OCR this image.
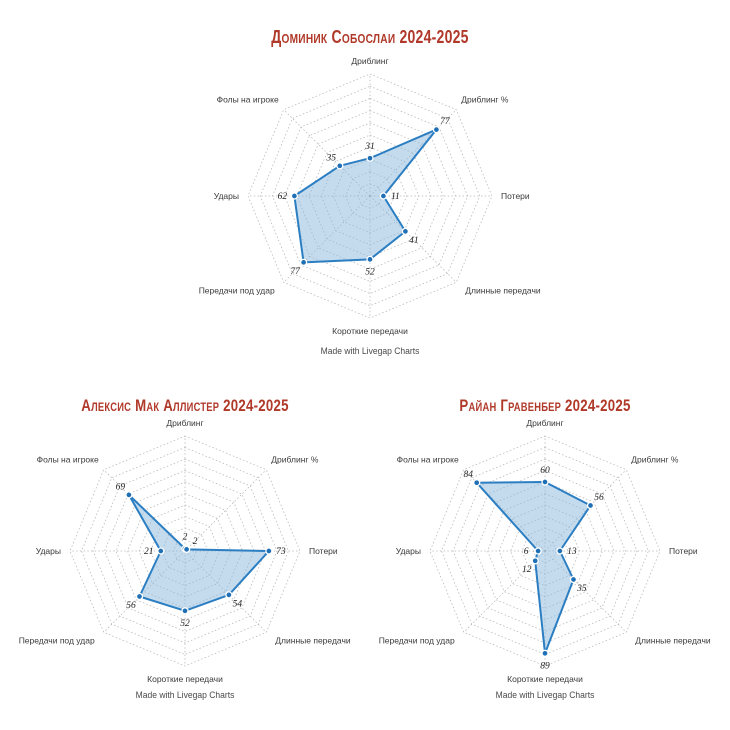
Доминик Собослаи 2024-2025
31
77
11
41
52
77
62
35
Дриблинг
Дриблинг %
Потери
Длинные передачи
Короткие передачи
Передачи под удар
Удары
Фолы на игроке
Made with Livegap Charts
Алексис Мак Аллистер 2024-2025
2 2
73
54
52
56
21
69
Дриблинг
Дриблинг %
Потери
Длинные передачи
Короткие передачи
Передачи под удар
Удары
Фолы на игроке
Made with Livegap Charts
Райан Гравенбер 2024-2025
60
56
13
35
89
12
6
84
Дриблинг
Дриблинг %
Потери
Длинные передачи
Короткие передачи
Передачи под удар
Удары
Фолы на игроке
Made with Livegap Charts
